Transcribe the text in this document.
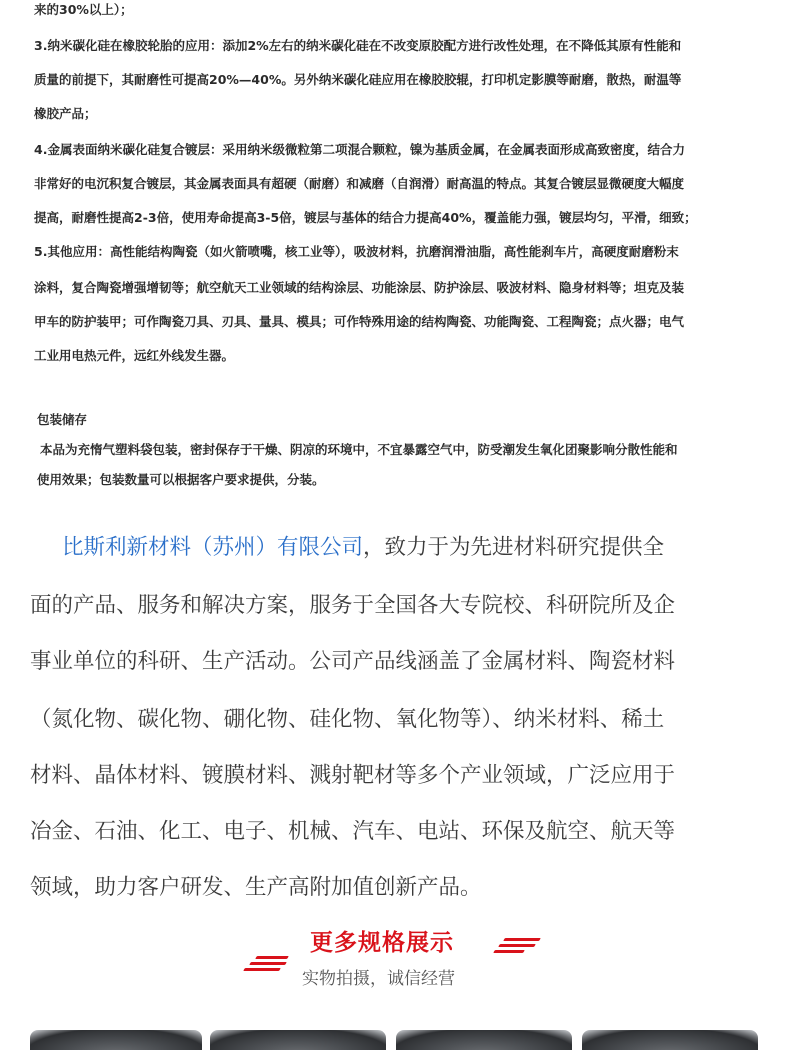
来的30%以上）；
3.纳米碳化硅在橡胶轮胎的应用：添加2%左右的纳米碳化硅在不改变原胶配方进行改性处理，在不降低其原有性能和
质量的前提下，其耐磨性可提高20%—40%。另外纳米碳化硅应用在橡胶胶辊，打印机定影膜等耐磨，散热，耐温等
橡胶产品；
4.金属表面纳米碳化硅复合镀层：采用纳米级微粒第二项混合颗粒，镍为基质金属，在金属表面形成高致密度，结合力
非常好的电沉积复合镀层，其金属表面具有超硬（耐磨）和减磨（自润滑）耐高温的特点。其复合镀层显微硬度大幅度
提高，耐磨性提高2-3倍，使用寿命提高3-5倍，镀层与基体的结合力提高40%，覆盖能力强，镀层均匀，平滑，细致；
5.其他应用：高性能结构陶瓷（如火箭喷嘴，核工业等），吸波材料，抗磨润滑油脂，高性能刹车片，高硬度耐磨粉末
涂料，复合陶瓷增强增韧等；航空航天工业领域的结构涂层、功能涂层、防护涂层、吸波材料、隐身材料等；坦克及装
甲车的防护装甲；可作陶瓷刀具、刃具、量具、模具；可作特殊用途的结构陶瓷、功能陶瓷、工程陶瓷；点火器；电气
工业用电热元件，远红外线发生器。
包装储存
本品为充惰气塑料袋包装，密封保存于干燥、阴凉的环境中，不宜暴露空气中，防受潮发生氧化团聚影响分散性能和
使用效果；包装数量可以根据客户要求提供，分装。
比斯利新材料（苏州）有限公司，致力于为先进材料研究提供全
面的产品、服务和解决方案，服务于全国各大专院校、科研院所及企
事业单位的科研、生产活动。公司产品线涵盖了金属材料、陶瓷材料
（氮化物、碳化物、硼化物、硅化物、氧化物等）、纳米材料、稀土
材料、晶体材料、镀膜材料、溅射靶材等多个产业领域，广泛应用于
冶金、石油、化工、电子、机械、汽车、电站、环保及航空、航天等
领域，助力客户研发、生产高附加值创新产品。
更多规格展示
实物拍摄，诚信经营
